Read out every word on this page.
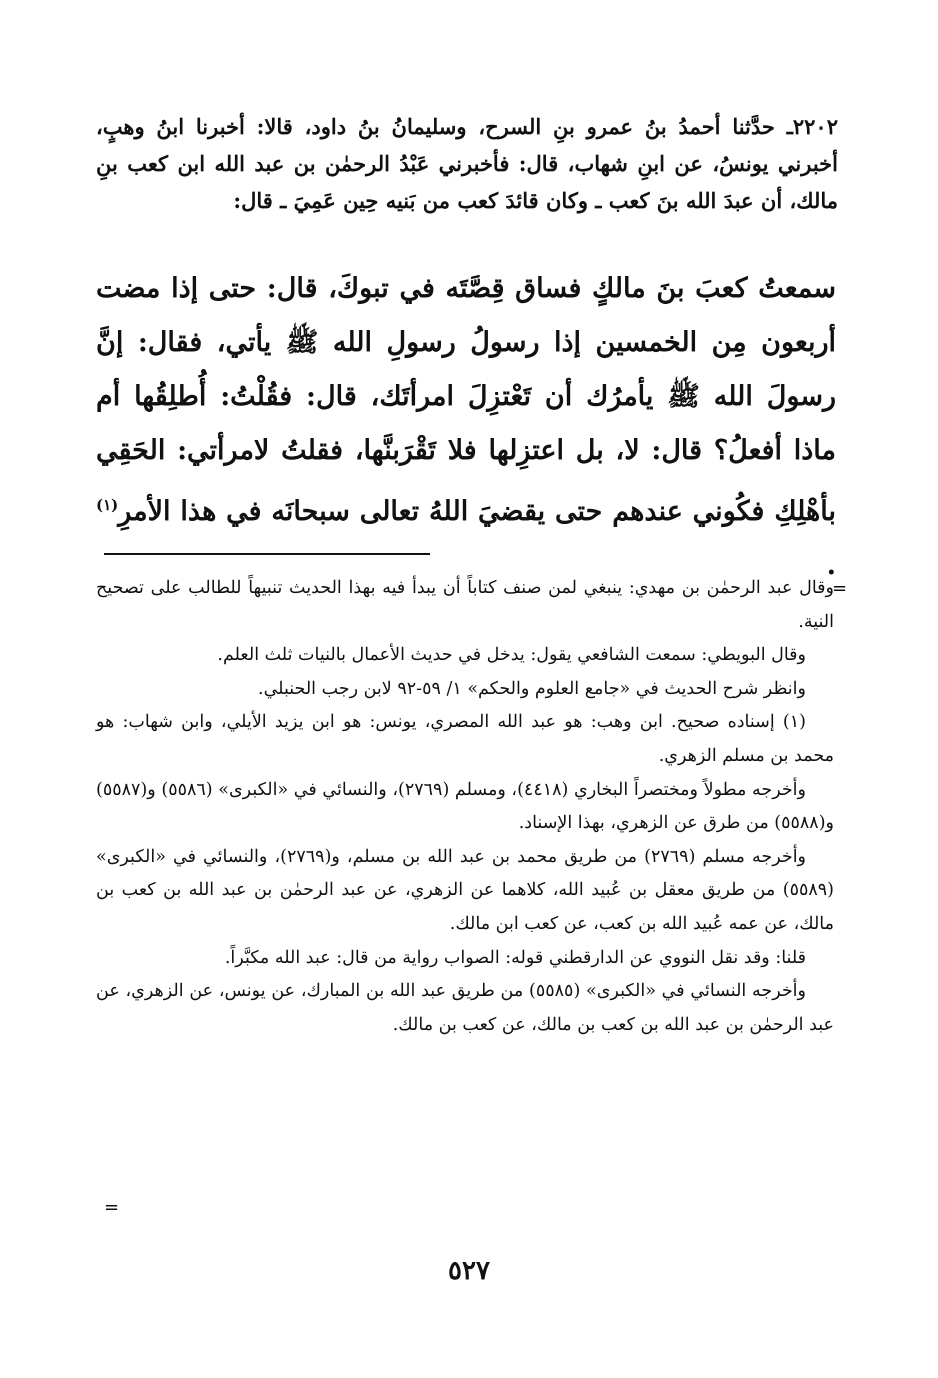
٢٢٠٢ـ حدَّثنا أحمدُ بنُ عمرو بنِ السرح، وسليمانُ بنُ داود، قالا: أخبرنا ابنُ وهبٍ، أخبرني يونسُ، عن ابنِ شهاب، قال: فأخبرني عَبْدُ الرحمٰن بن عبد الله ابن كعب بنِ مالك، أن عبدَ الله بنَ كعب ـ وكان قائدَ كعب من بَنيه حِين عَمِيَ ـ قال:
سمعتُ كعبَ بنَ مالكٍ فساق قِصَّتَه في تبوكَ، قال: حتى إذا مضت أربعون مِن الخمسين إذا رسولُ رسولِ الله ﷺ يأتي، فقال: إنَّ رسولَ الله ﷺ يأمرُك أن تَعْتزِلَ امرأتَك، قال: فقُلْتُ: أُطلِقُها أم ماذا أفعلُ؟ قال: لا، بل اعتزِلها فلا تَقْرَبنَّها، فقلتُ لامرأتي: الحَقِي بأهْلِكِ فكُوني عندهم حتى يقضيَ اللهُ تعالى سبحانَه في هذا الأمرِ$^{(١)}$ .
=

وقال عبد الرحمٰن بن مهدي: ينبغي لمن صنف كتاباً أن يبدأ فيه بهذا الحديث تنبيهاً للطالب على تصحيح النية.

وقال البويطي: سمعت الشافعي يقول: يدخل في حديث الأعمال بالنيات ثلث العلم.

وانظر شرح الحديث في «جامع العلوم والحكم» ١/ ٥٩-٩٢ لابن رجب الحنبلي.

(١) إسناده صحيح. ابن وهب: هو عبد الله المصري، يونس: هو ابن يزيد الأيلي، وابن شهاب: هو محمد بن مسلم الزهري.

وأخرجه مطولاً ومختصراً البخاري (٤٤١٨)، ومسلم (٢٧٦٩)، والنسائي في «الكبرى» (٥٥٨٦) و(٥٥٨٧) و(٥٥٨٨) من طرق عن الزهري، بهذا الإسناد.

وأخرجه مسلم (٢٧٦٩) من طريق محمد بن عبد الله بن مسلم، و(٢٧٦٩)، والنسائي في «الكبرى» (٥٥٨٩) من طريق معقل بن عُبيد الله، كلاهما عن الزهري، عن عبد الرحمٰن بن عبد الله بن كعب بن مالك، عن عمه عُبيد الله بن كعب، عن كعب ابن مالك.

قلنا: وقد نقل النووي عن الدارقطني قوله: الصواب رواية من قال: عبد الله مكبَّراً.

وأخرجه النسائي في «الكبرى» (٥٥٨٥) من طريق عبد الله بن المبارك، عن يونس، عن الزهري، عن عبد الرحمٰن بن عبد الله بن كعب بن مالك، عن كعب بن مالك.

=
٥٢٧
